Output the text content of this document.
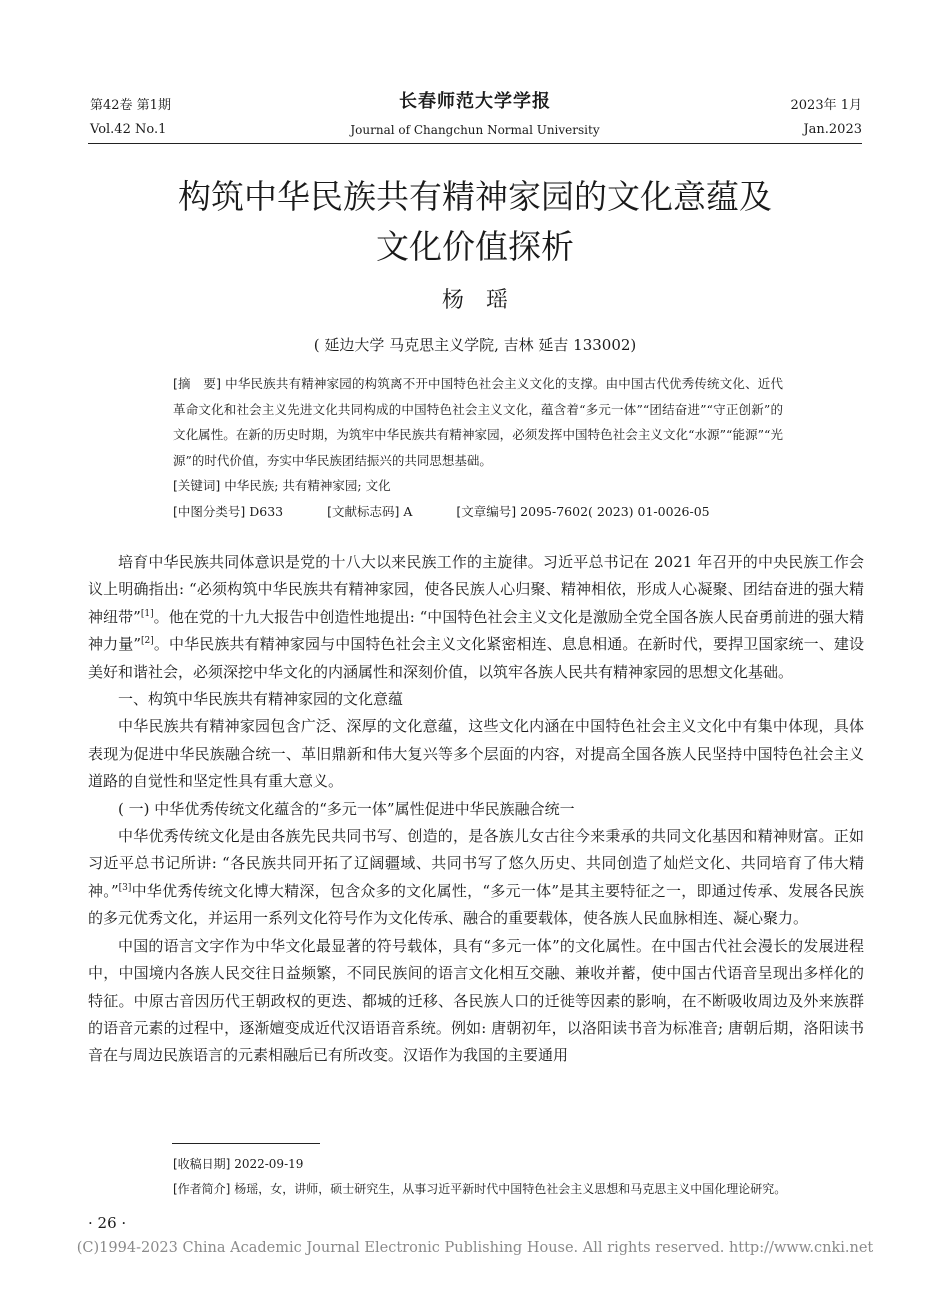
第42卷 第1期
Vol.42 No.1
长春师范大学学报
Journal of Changchun Normal University
2023年 1月
Jan.2023
构筑中华民族共有精神家园的文化意蕴及
文化价值探析
杨瑶
( 延边大学 马克思主义学院, 吉林 延吉 133002)

[摘　要] 中华民族共有精神家园的构筑离不开中国特色社会主义文化的支撑。由中国古代优秀传统文化、近代革命文化和社会主义先进文化共同构成的中国特色社会主义文化，蕴含着“多元一体”“团结奋进”“守正创新”的文化属性。在新的历史时期，为筑牢中华民族共有精神家园，必须发挥中国特色社会主义文化“水源”“能源”“光源”的时代价值，夯实中华民族团结振兴的共同思想基础。

[关键词] 中华民族; 共有精神家园; 文化

[中图分类号] D633	[文献标志码] A	[文章编号] 2095-7602( 2023) 01-0026-05

培育中华民族共同体意识是党的十八大以来民族工作的主旋律。习近平总书记在 2021 年召开的中央民族工作会议上明确指出: “必须构筑中华民族共有精神家园，使各民族人心归聚、精神相依，形成人心凝聚、团结奋进的强大精神纽带”[1]。他在党的十九大报告中创造性地提出: “中国特色社会主义文化是激励全党全国各族人民奋勇前进的强大精神力量”[2]。中华民族共有精神家园与中国特色社会主义文化紧密相连、息息相通。在新时代，要捍卫国家统一、建设美好和谐社会，必须深挖中华文化的内涵属性和深刻价值，以筑牢各族人民共有精神家园的思想文化基础。

一、构筑中华民族共有精神家园的文化意蕴

中华民族共有精神家园包含广泛、深厚的文化意蕴，这些文化内涵在中国特色社会主义文化中有集中体现，具体表现为促进中华民族融合统一、革旧鼎新和伟大复兴等多个层面的内容，对提高全国各族人民坚持中国特色社会主义道路的自觉性和坚定性具有重大意义。

( 一) 中华优秀传统文化蕴含的“多元一体”属性促进中华民族融合统一

中华优秀传统文化是由各族先民共同书写、创造的，是各族儿女古往今来秉承的共同文化基因和精神财富。正如习近平总书记所讲: “各民族共同开拓了辽阔疆域、共同书写了悠久历史、共同创造了灿烂文化、共同培育了伟大精神。”[3]中华优秀传统文化博大精深，包含众多的文化属性，“多元一体”是其主要特征之一，即通过传承、发展各民族的多元优秀文化，并运用一系列文化符号作为文化传承、融合的重要载体，使各族人民血脉相连、凝心聚力。

中国的语言文字作为中华文化最显著的符号载体，具有“多元一体”的文化属性。在中国古代社会漫长的发展进程中，中国境内各族人民交往日益频繁，不同民族间的语言文化相互交融、兼收并蓄，使中国古代语音呈现出多样化的特征。中原古音因历代王朝政权的更迭、都城的迁移、各民族人口的迁徙等因素的影响，在不断吸收周边及外来族群的语音元素的过程中，逐渐嬗变成近代汉语语音系统。例如: 唐朝初年，以洛阳读书音为标准音; 唐朝后期，洛阳读书音在与周边民族语言的元素相融后已有所改变。汉语作为我国的主要通用

[收稿日期] 2022-09-19

[作者简介] 杨瑶，女，讲师，硕士研究生，从事习近平新时代中国特色社会主义思想和马克思主义中国化理论研究。

· 26 ·
(C)1994-2023 China Academic Journal Electronic Publishing House. All rights reserved. http://www.cnki.net
